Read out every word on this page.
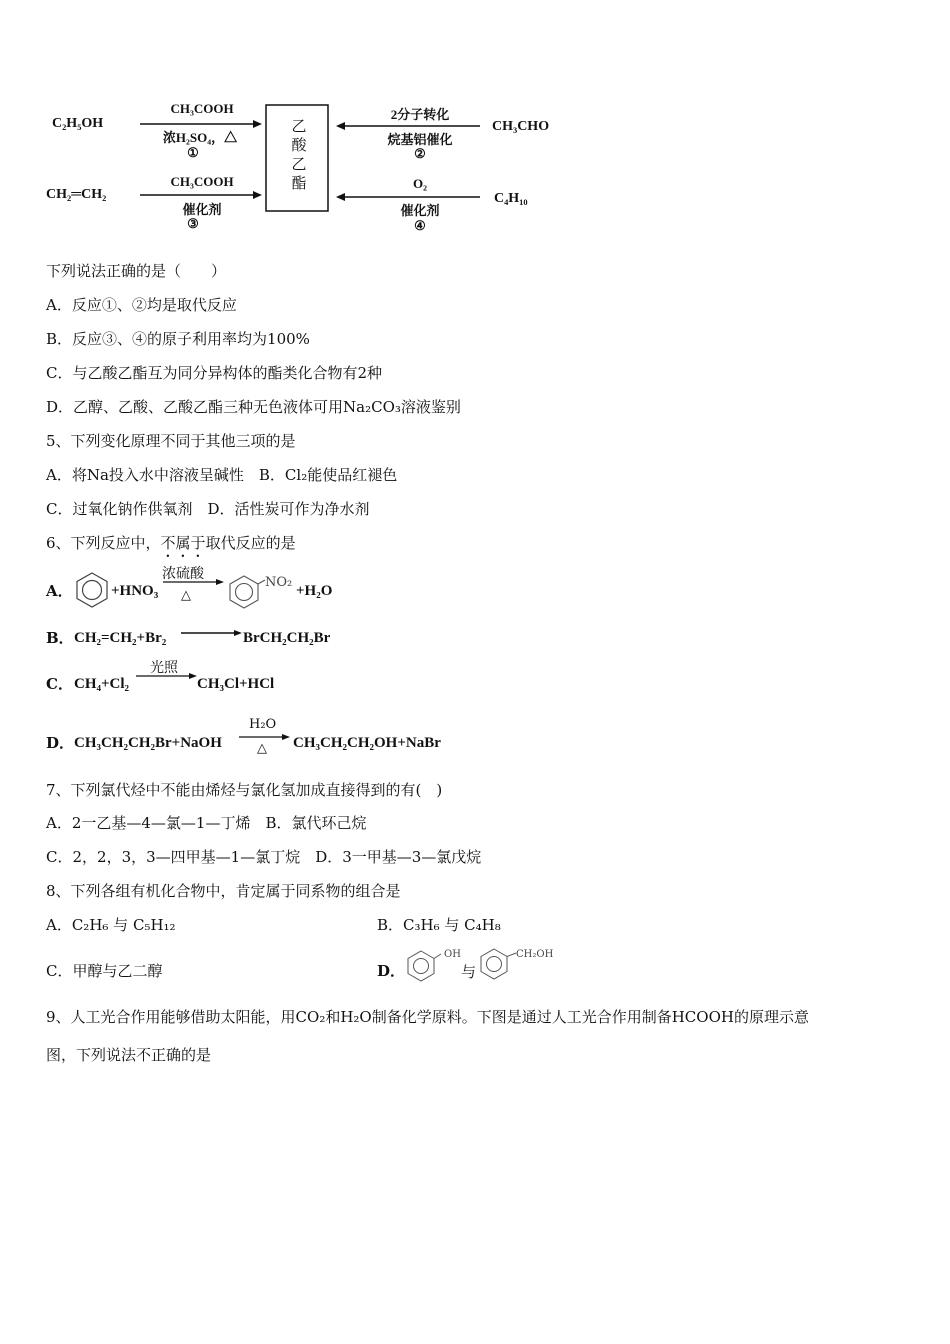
C₂H₅OH
CH₃COOH
浓H₂SO₄，△
①
CH₂═CH₂
CH₃COOH
催化剂
③
乙酸乙酯
CH₃CHO
2分子转化
烷基铝催化
②
C₄H₁₀
O₂
催化剂
④
下列说法正确的是（　　）
A．反应①、②均是取代反应
B．反应③、④的原子利用率均为100%
C．与乙酸乙酯互为同分异构体的酯类化合物有2种
D．乙醇、乙酸、乙酸乙酯三种无色液体可用Na₂CO₃溶液鉴别
5、下列变化原理不同于其他三项的是
A．将Na投入水中溶液呈碱性　B．Cl₂能使品红褪色
C．过氧化钠作供氧剂　D．活性炭可作为净水剂
6、下列反应中，不属于取代反应的是
A．	+HNO₃
浓硫酸
△
NO₂
+H₂O
B． CH₂=CH₂+Br₂	BrCH₂CH₂Br
C． CH₄+Cl₂
光照
CH₃Cl+HCl
D． CH₃CH₂CH₂Br+NaOH
H₂O
△ CH₃CH₂CH₂OH+NaBr
7、下列氯代烃中不能由烯烃与氯化氢加成直接得到的有(　)
A．2一乙基—4—氯—1—丁烯　B．氯代环己烷
C．2，2，3，3—四甲基—1—氯丁烷　D．3一甲基—3—氯戊烷
8、下列各组有机化合物中，肯定属于同系物的组合是
A．C₂H₆ 与 C₅H₁₂	B．C₃H₆ 与 C₄H₈
C．甲醇与乙二醇	D．
OH
与
CH₂OH
9、人工光合作用能够借助太阳能，用CO₂和H₂O制备化学原料。下图是通过人工光合作用制备HCOOH的原理示意
图，下列说法不正确的是
